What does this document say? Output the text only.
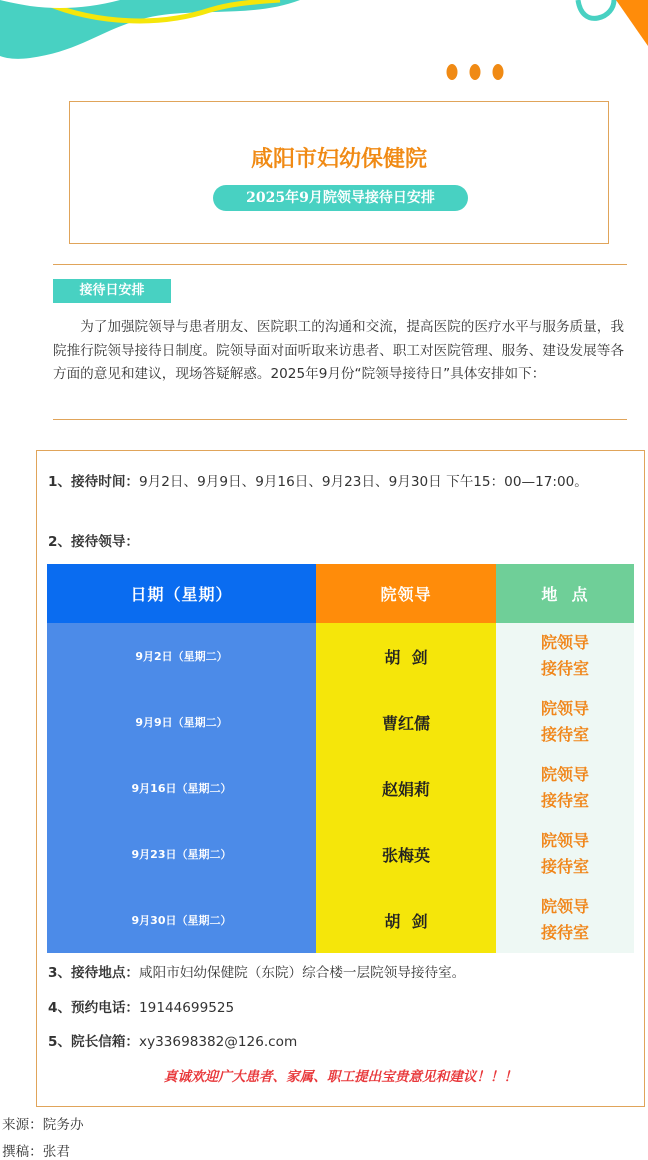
咸阳市妇幼保健院
2025年9月院领导接待日安排
接待日安排

为了加强院领导与患者朋友、医院职工的沟通和交流，提高医院的医疗水平与服务质量，我院推行院领导接待日制度。院领导面对面听取来访患者、职工对医院管理、服务、建设发展等各方面的意见和建议，现场答疑解惑。2025年9月份“院领导接待日”具体安排如下：

1、接待时间：9月2日、9月9日、9月16日、9月23日、9月30日 下午15：00—17:00。

2、接待领导：

日期（星期）	院领导	地  点
9月2日（星期二）	胡  剑	院领导
接待室
9月9日（星期二）	曹红儒	院领导
接待室
9月16日（星期二）	赵娟莉	院领导
接待室
9月23日（星期二）	张梅英	院领导
接待室
9月30日（星期二）	胡  剑	院领导
接待室

3、接待地点：咸阳市妇幼保健院（东院）综合楼一层院领导接待室。

4、预约电话：19144699525

5、院长信箱：xy33698382@126.com

真诚欢迎广大患者、家属、职工提出宝贵意见和建议！！！
来源：院务办
撰稿：张君
